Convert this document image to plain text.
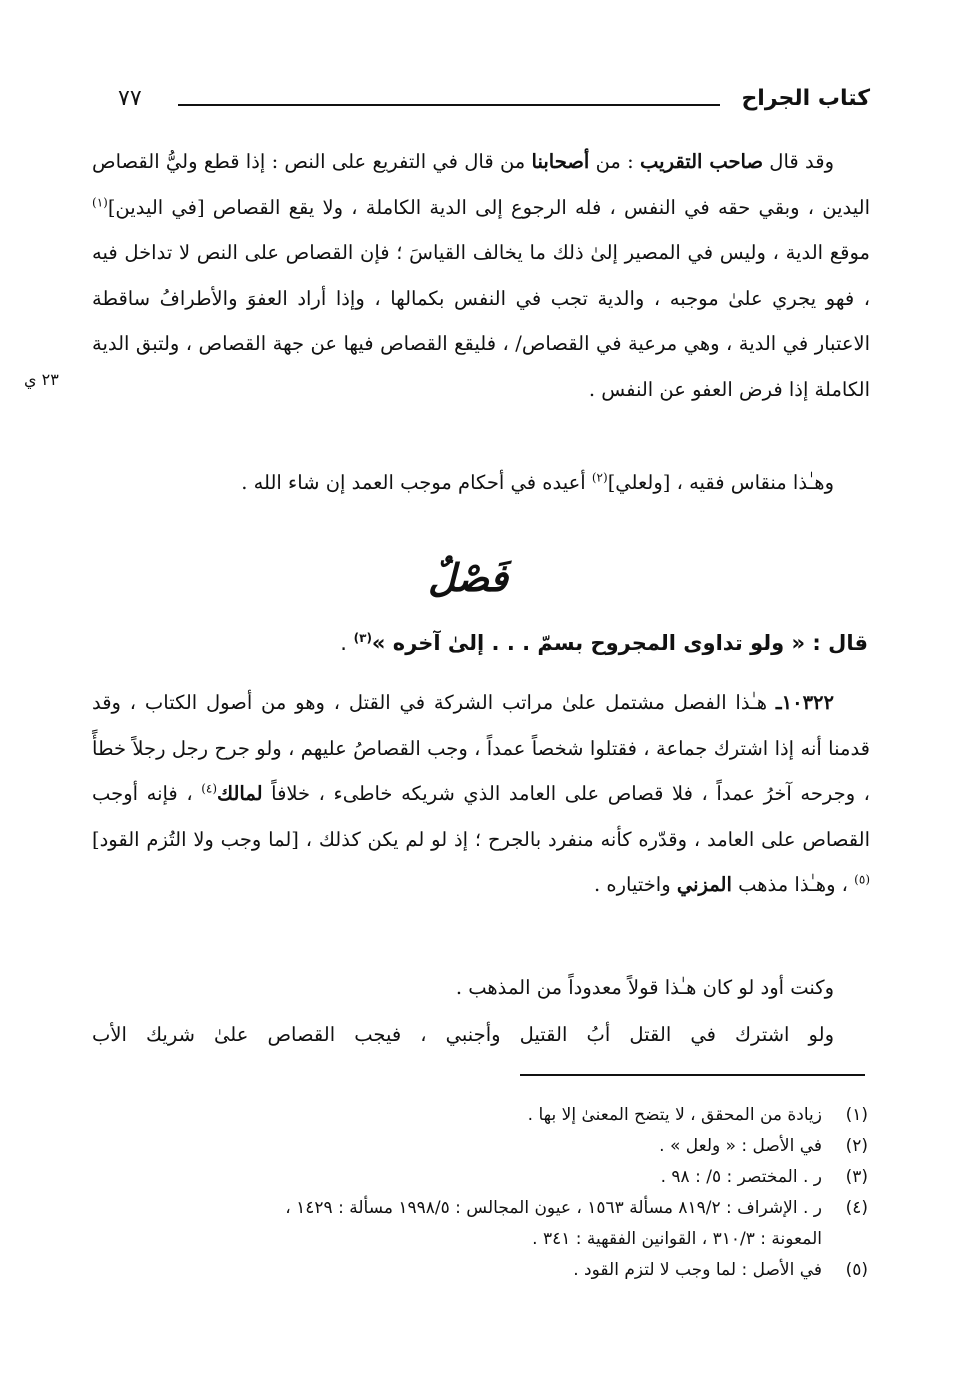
كتاب الجراح
٧٧
وقد قال صاحب التقريب : من أصحابنا من قال في التفريع على النص : إذا قطع وليُّ القصاص اليدين ، وبقي حقه في النفس ، فله الرجوع إلى الدية الكاملة ، ولا يقع القصاص [في اليدين]$^{(١)}$ موقع الدية ، وليس في المصير إلىٰ ذلك ما يخالف القياسَ ؛ فإن القصاص على النص لا تداخل فيه ، فهو يجري علىٰ موجبه ، والدية تجب في النفس بكمالها ، وإذا أراد العفوَ والأطرافُ ساقطة الاعتبار في الدية ، وهي مرعية في القصاص/ ، فليقع القصاص فيها عن جهة القصاص ، ولتبق الدية الكاملة إذا فرض العفو عن النفس .
٢٣ ي
وهـٰذا منقاس فقيه ، [ولعلي]$^{(٢)}$ أعيده في أحكام موجب العمد إن شاء الله .
فَصْلٌ
قال : « ولو تداوى المجروح بسمّ . . . إلىٰ آخره »$^{(٣)}$ .
١٠٣٢٢ـ هـٰذا الفصل مشتمل علىٰ مراتب الشركة في القتل ، وهو من أصول الكتاب ، وقد قدمنا أنه إذا اشترك جماعة ، فقتلوا شخصاً عمداً ، وجب القصاصُ عليهم ، ولو جرح رجل رجلاً خطأً ، وجرحه آخرُ عمداً ، فلا قصاص على العامد الذي شريكه خاطىء ، خلافاً لمالك$^{(٤)}$ ، فإنه أوجب القصاص على العامد ، وقدّره كأنه منفرد بالجرح ؛ إذ لو لم يكن كذلك ، [لما وجب ولا التُزم القود]$^{(٥)}$ ، وهـٰذا مذهب المزني واختياره .
وكنت أود لو كان هـٰذا قولاً معدوداً من المذهب .
ولو اشترك في القتل أبُ القتيل وأجنبي ، فيجب القصاص علىٰ شريك الأب
(١)زيادة من المحقق ، لا يتضح المعنىٰ إلا بها .
(٢)في الأصل : « ولعل » .
(٣)ر . المختصر : ٥/ : ٩٨ .
(٤)ر . الإشراف : ٨١٩/٢ مسألة ١٥٦٣ ، عيون المجالس : ١٩٩٨/٥ مسألة : ١٤٢٩ ،
المعونة : ٣١٠/٣ ، القوانين الفقهية : ٣٤١ .
(٥)في الأصل : لما وجب لا لتزم القود .
